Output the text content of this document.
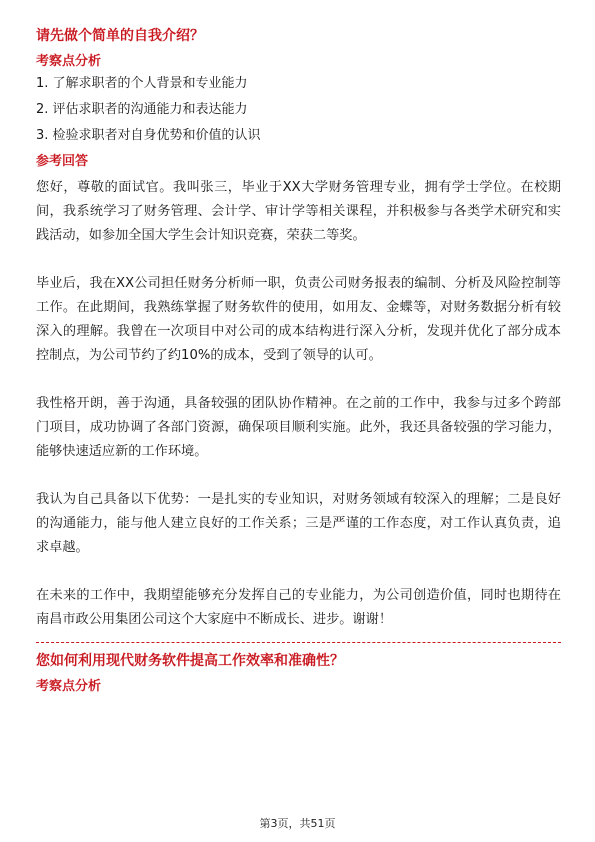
请先做个简单的自我介绍？
考察点分析
1. 了解求职者的个人背景和专业能力
2. 评估求职者的沟通能力和表达能力
3. 检验求职者对自身优势和价值的认识
参考回答

您好，尊敬的面试官。我叫张三，毕业于XX大学财务管理专业，拥有学士学位。在校期间，我系统学习了财务管理、会计学、审计学等相关课程，并积极参与各类学术研究和实践活动，如参加全国大学生会计知识竞赛，荣获二等奖。

毕业后，我在XX公司担任财务分析师一职，负责公司财务报表的编制、分析及风险控制等工作。在此期间，我熟练掌握了财务软件的使用，如用友、金蝶等，对财务数据分析有较深入的理解。我曾在一次项目中对公司的成本结构进行深入分析，发现并优化了部分成本控制点，为公司节约了约10%的成本，受到了领导的认可。

我性格开朗，善于沟通，具备较强的团队协作精神。在之前的工作中，我参与过多个跨部门项目，成功协调了各部门资源，确保项目顺利实施。此外，我还具备较强的学习能力，能够快速适应新的工作环境。

我认为自己具备以下优势：一是扎实的专业知识，对财务领域有较深入的理解；二是良好的沟通能力，能与他人建立良好的工作关系；三是严谨的工作态度，对工作认真负责，追求卓越。

在未来的工作中，我期望能够充分发挥自己的专业能力，为公司创造价值，同时也期待在南昌市政公用集团公司这个大家庭中不断成长、进步。谢谢！

您如何利用现代财务软件提高工作效率和准确性？
考察点分析
第3页，共51页
